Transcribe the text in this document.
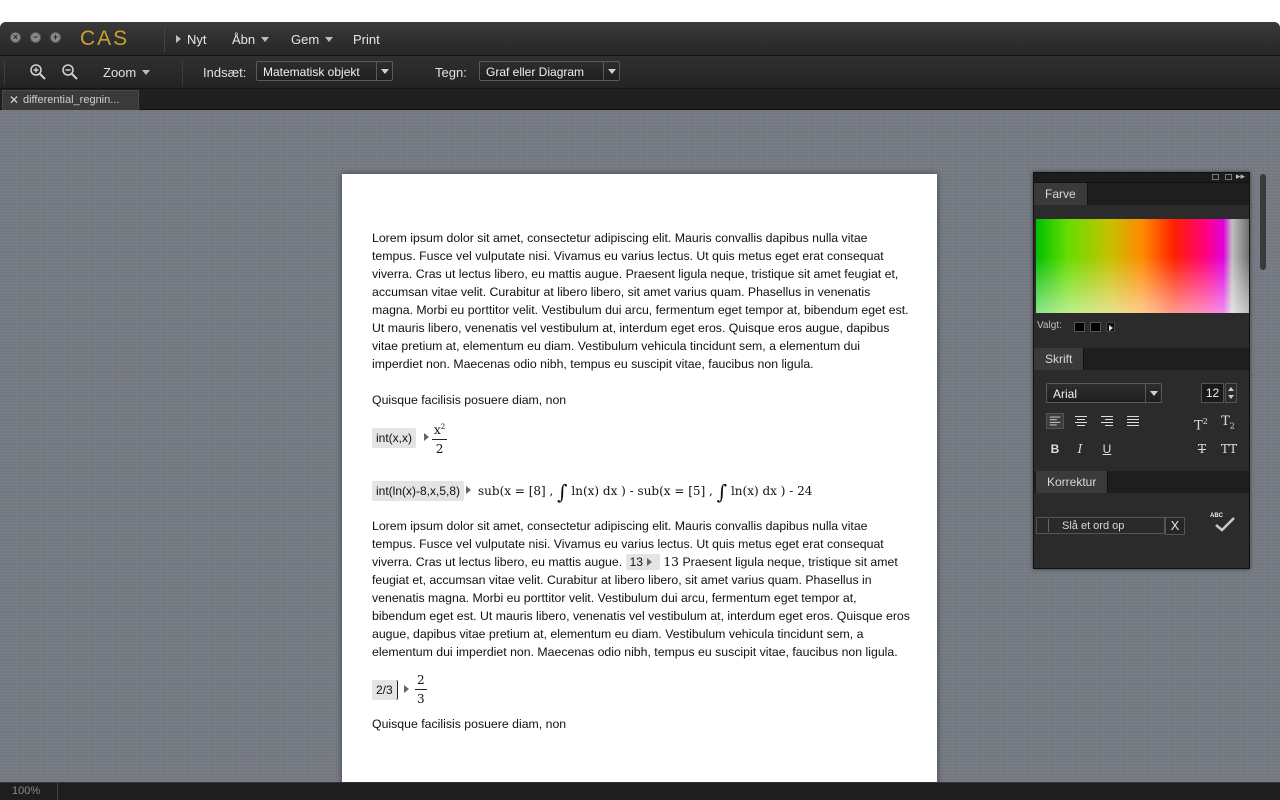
×	−	+ CAS	Nyt Åbn	Gem	Print
Zoom	Indsæt:	Matematisk objekt	Tegn:	Graf eller Diagram
✕ differential_regnin...
Lorem ipsum dolor sit amet, consectetur adipiscing elit. Mauris convallis dapibus nulla vitae tempus. Fusce vel vulputate nisi. Vivamus eu varius lectus. Ut quis metus eget erat consequat viverra. Cras ut lectus libero, eu mattis augue. Praesent ligula neque, tristique sit amet feugiat et, accumsan vitae velit. Curabitur at libero libero, sit amet varius quam. Phasellus in venenatis magna. Morbi eu porttitor velit. Vestibulum dui arcu, fermentum eget tempor at, bibendum eget est. Ut mauris libero, venenatis vel vestibulum at, interdum eget eros. Quisque eros augue, dapibus vitae pretium at, elementum eu diam. Vestibulum vehicula tincidunt sem, a elementum dui imperdiet non. Maecenas odio nibh, tempus eu suscipit vitae, faucibus non ligula.
Quisque facilisis posuere diam, non
int(x,x)	$\frac{x^2}{2}$
int(ln(x)-8,x,5,8)	sub(x = [8] , ∫ ln(x) dx ) - sub(x = [5] , ∫ ln(x) dx ) - 24
Lorem ipsum dolor sit amet, consectetur adipiscing elit. Mauris convallis dapibus nulla vitae tempus. Fusce vel vulputate nisi. Vivamus eu varius lectus. Ut quis metus eget erat consequat viverra. Cras ut lectus libero, eu mattis augue. 13 13 Praesent ligula neque, tristique sit amet feugiat et, accumsan vitae velit. Curabitur at libero libero, sit amet varius quam. Phasellus in venenatis magna. Morbi eu porttitor velit. Vestibulum dui arcu, fermentum eget tempor at, bibendum eget est. Ut mauris libero, venenatis vel vestibulum at, interdum eget eros. Quisque eros augue, dapibus vitae pretium at, elementum eu diam. Vestibulum vehicula tincidunt sem, a elementum dui imperdiet non. Maecenas odio nibh, tempus eu suscipit vitae, faucibus non ligula.
2/3	$\frac{2}{3}$
Quisque facilisis posuere diam, non
▸▸
Farve
Valgt:
Skrift
Arial	12
$T^2$ $T_2$
B	I	U	T	TT
Korrektur
Slå et ord op	X
ABC
100%
